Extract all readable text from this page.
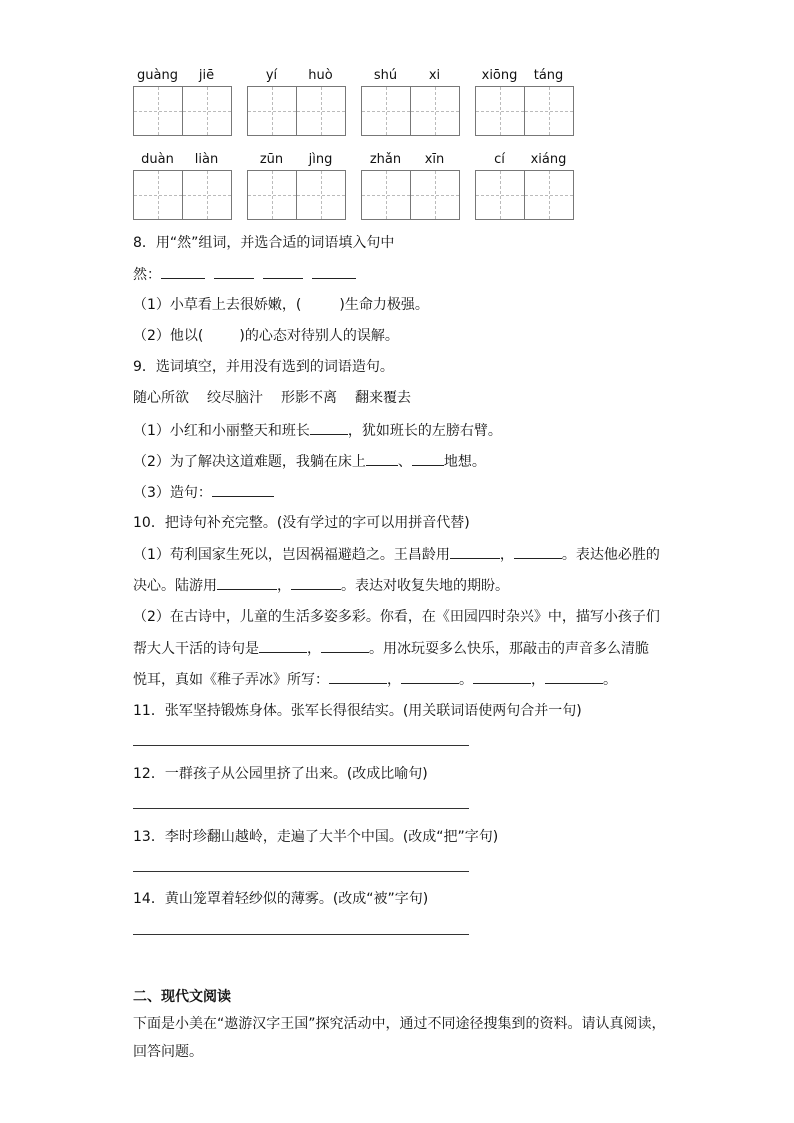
guàng	jiē	yí	huò	shú	xi	xiōng	táng
duàn	liàn	zūn	jìng	zhǎn	xīn	cí	xiáng
8．用“然”组词，并选合适的词语填入句中
然：
（1）小草看上去很娇嫩，(	)生命力极强。
（2）他以(	)的心态对待别人的误解。
9．选词填空，并用没有选到的词语造句。
随心所欲 绞尽脑汁 形影不离 翻来覆去
（1）小红和小丽整天和班长	，犹如班长的左膀右臂。
（2）为了解决这道难题，我躺在床上 、 地想。
（3）造句：
10．把诗句补充完整。(没有学过的字可以用拼音代替)
（1）苟利国家生死以，岂因祸福避趋之。王昌龄用	，	。表达他必胜的
决心。陆游用	，	。表达对收复失地的期盼。
（2）在古诗中，儿童的生活多姿多彩。你看，在《田园四时杂兴》中，描写小孩子们
帮大人干活的诗句是	，	。用冰玩耍多么快乐，那敲击的声音多么清脆
悦耳，真如《稚子弄冰》所写：	，	。	，	。
11．张军坚持锻炼身体。张军长得很结实。(用关联词语使两句合并一句)
12．一群孩子从公园里挤了出来。(改成比喻句)
13．李时珍翻山越岭，走遍了大半个中国。(改成“把”字句)
14．黄山笼罩着轻纱似的薄雾。(改成“被”字句)
二、现代文阅读
下面是小美在“遨游汉字王国”探究活动中，通过不同途径搜集到的资料。请认真阅读，
回答问题。
